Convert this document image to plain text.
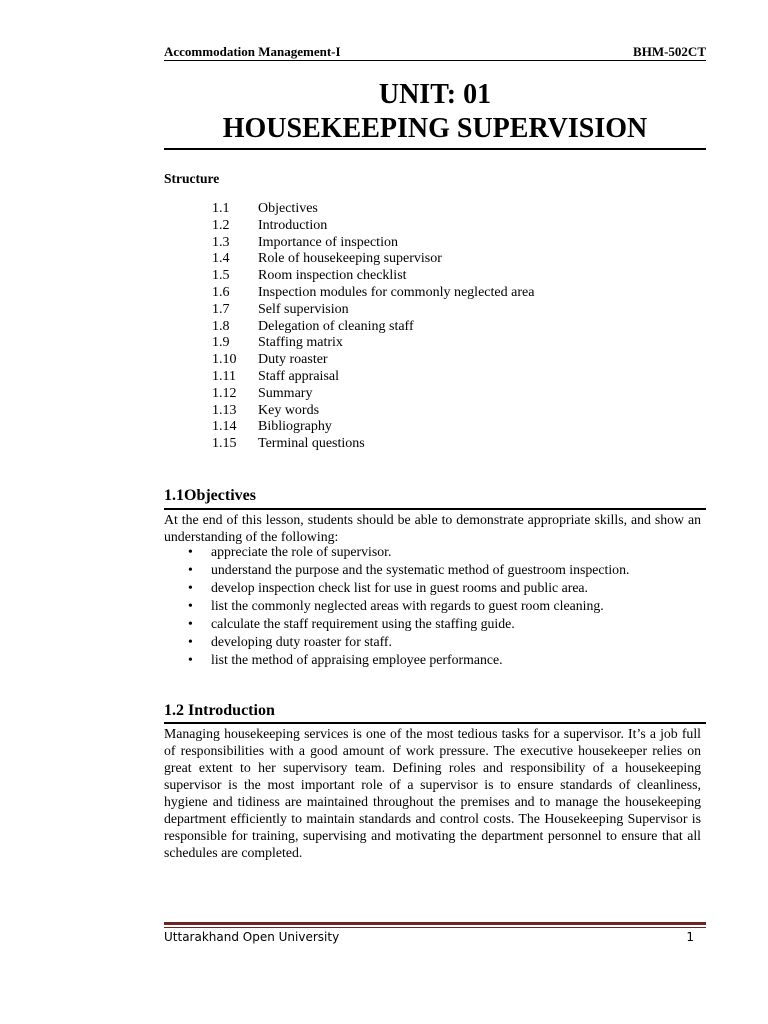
Accommodation Management-I	BHM-502CT
UNIT: 01
HOUSEKEEPING SUPERVISION
Structure
1.1 Objectives
1.2 Introduction
1.3 Importance of inspection
1.4 Role of housekeeping supervisor
1.5 Room inspection checklist
1.6 Inspection modules for commonly neglected area
1.7 Self supervision
1.8 Delegation of cleaning staff
1.9 Staffing matrix
1.10 Duty roaster
1.11 Staff appraisal
1.12 Summary
1.13 Key words
1.14 Bibliography
1.15 Terminal questions
1.1Objectives
At the end of this lesson, students should be able to demonstrate appropriate skills, and show an understanding of the following:
• appreciate the role of supervisor.
• understand the purpose and the systematic method of guestroom inspection.
• develop inspection check list for use in guest rooms and public area.
• list the commonly neglected areas with regards to guest room cleaning.
• calculate the staff requirement using the staffing guide.
• developing duty roaster for staff.
• list the method of appraising employee performance.
1.2 Introduction
Managing housekeeping services is one of the most tedious tasks for a supervisor. It’s a job full of responsibilities with a good amount of work pressure. The executive housekeeper relies on great extent to her supervisory team. Defining roles and responsibility of a housekeeping supervisor is the most important role of a supervisor is to ensure standards of cleanliness, hygiene and tidiness are maintained throughout the premises and to manage the housekeeping department efficiently to maintain standards and control costs. The Housekeeping Supervisor is responsible for training, supervising and motivating the department personnel to ensure that all schedules are completed.
Uttarakhand Open University	1
